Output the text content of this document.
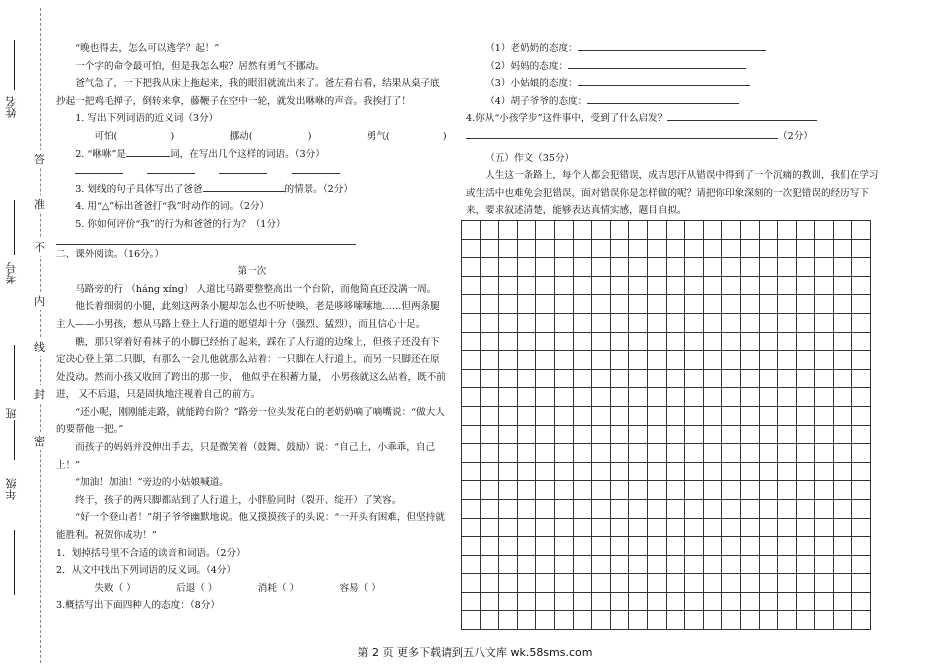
姓名
考号
班
年级
答
准
不
内
线
封
密

“晚也得去，怎么可以逃学？起！”

一个字的命令最可怕，但是我怎么啦？居然有勇气不挪动。

爸气急了，一下把我从床上拖起来，我的眼泪就流出来了。爸左看右看，结果从桌子底抄起一把鸡毛掸子，倒转来拿，藤鞭子在空中一轮，就发出咻咻的声音。我挨打了！

1. 写出下列词语的近义词（3分）

可怕(	)	挪动(	)	勇气(	)

2. “咻咻”是	词，在写出几个这样的词语。（3分）

3. 划线的句子具体写出了爸爸	的情景。（2分）

4. 用“△”标出爸爸打“我”时动作的词。（2分）

5. 你如何评价“我”的行为和爸爸的行为？（1分）

二、课外阅读。（16分。）

第一次

马路旁的行 （háng xíng） 人道比马路要整整高出一个台阶，而他简直还没满一周。

他长着细弱的小腿，此刻这两条小腿却怎么也不听使唤，老是哆哆嗦嗦地……但两条腿主人——小男孩，想从马路上登上人行道的愿望却十分（强烈、猛烈），而且信心十足。

瞧，那只穿着好看袜子的小脚已经抬了起来，踩在了人行道的边缘上，但孩子还没有下定决心登上第二只脚，有那么一会儿他就那么站着：一只脚在人行道上，而另一只脚还在原处没动。然而小孩又收回了跨出的那一步， 他似乎在积蓄力量， 小男孩就这么站着，既不前进， 又不后退，只是固执地注视着自己的前方。

“还小呢，刚刚能走路，就能跨台阶？”路旁一位头发花白的老奶奶嘀了嘀嘴说：“做大人的要帮他一把。”

而孩子的妈妈并没伸出手去，只是微笑着（鼓舞、鼓励）说：“自己上，小乖乖，自己上！”

“加油！加油！”旁边的小姑娘喊道。

终于，孩子的两只脚都站到了人行道上，小胖脸同时（裂开、绽开）了笑容。

“好一个登山者！”胡子爷爷幽默地说。他又摸摸孩子的头说：“一开头有困难，但坚持就能胜利。祝贺你成功！”

1．划掉括号里不合适的读音和词语。（2分）

2．从文中找出下列词语的反义词。（4分）

失败（ ）	后退（ ）	消耗（ ）	容易（ ）

3.概括写出下面四种人的态度：（8分）

（1）老奶奶的态度：

（2）妈妈的态度：

（3）小姑娘的态度：

（4）胡子爷爷的态度：

4.你从“小孩学步”这件事中，受到了什么启发？

（2分）

（五）作文（35分）

人生这一条路上，每个人都会犯错误，成吉思汗从错误中得到了一个沉痛的教训，我们在学习或生活中也难免会犯错误，面对错误你是怎样做的呢？请把你印象深刻的一次犯错误的经历写下来，要求叙述清楚，能够表达真情实感，题目自拟。

第 2 页 更多下载请到五八文库 wk.58sms.com
